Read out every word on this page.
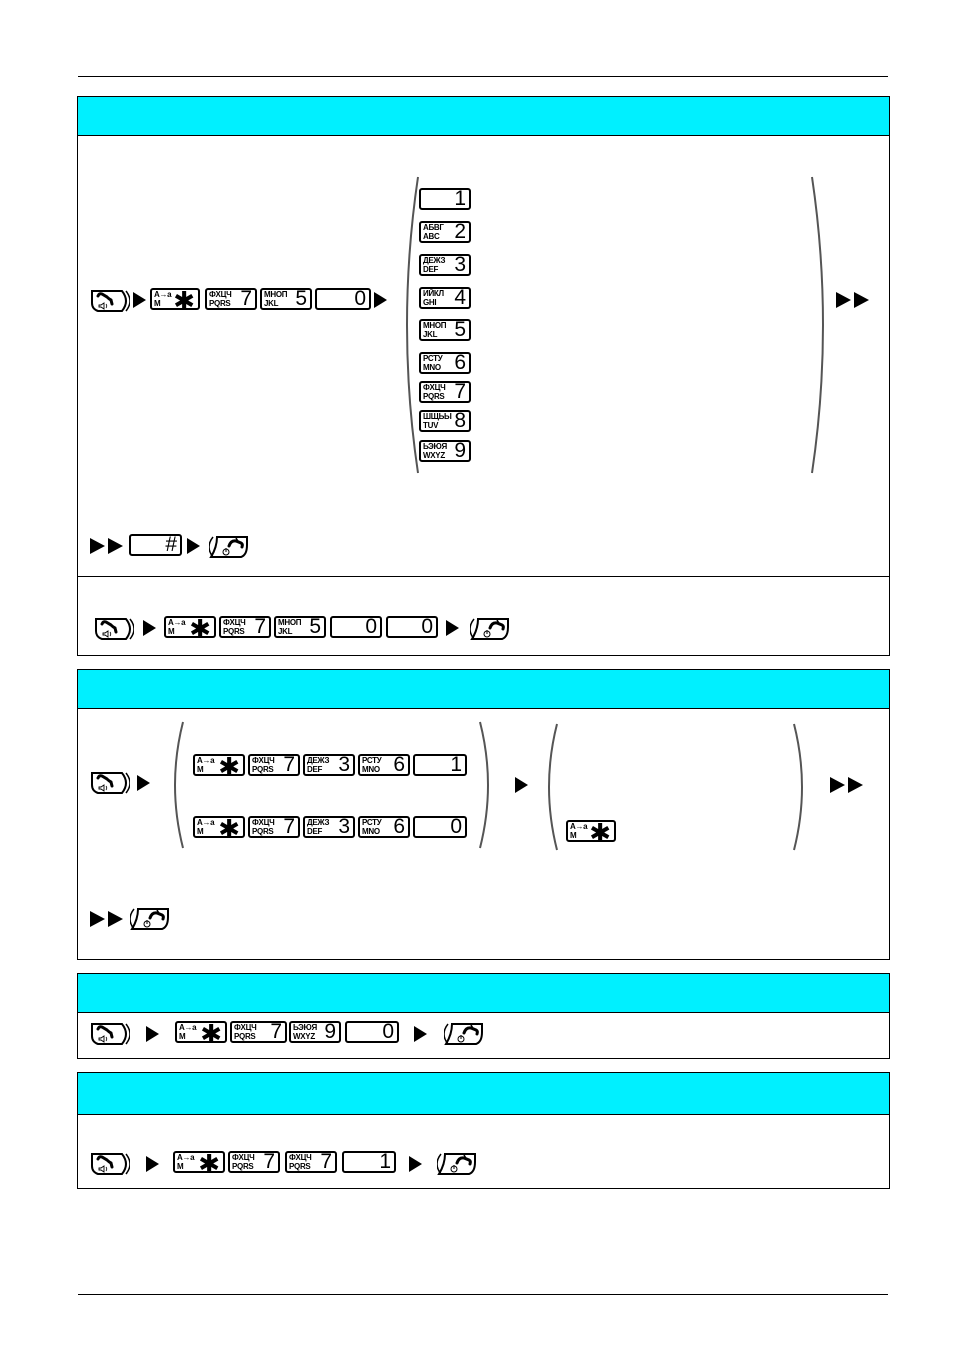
A→a
M ✱ ФХЦЧ
PQRS 7 МНОП
JKL 5 0
1
АБВГ
ABC 2
ДЕЖЗ
DEF 3
ИЙКЛ
GHI 4
МНОП
JKL 5
РСТУ
MNO 6
ФХЦЧ
PQRS 7
ШЩЬЫ
TUV 8
ЬЭЮЯ
WXYZ 9
#
A→a
M ✱ ФХЦЧ
PQRS 7 МНОП
JKL 5 0 0
A→a
M ✱ ФХЦЧ
PQRS 7 ДЕЖЗ
DEF 3 РСТУ
MNO 6 1
A→a
M ✱ ФХЦЧ
PQRS 7 ДЕЖЗ
DEF 3 РСТУ
MNO 6 0	A→a
M ✱
A→a
M ✱ ФХЦЧ
PQRS 7 ЬЭЮЯ
WXYZ 9 0
A→a
M ✱ ФХЦЧ
PQRS 7 ФХЦЧ
PQRS 7 1
